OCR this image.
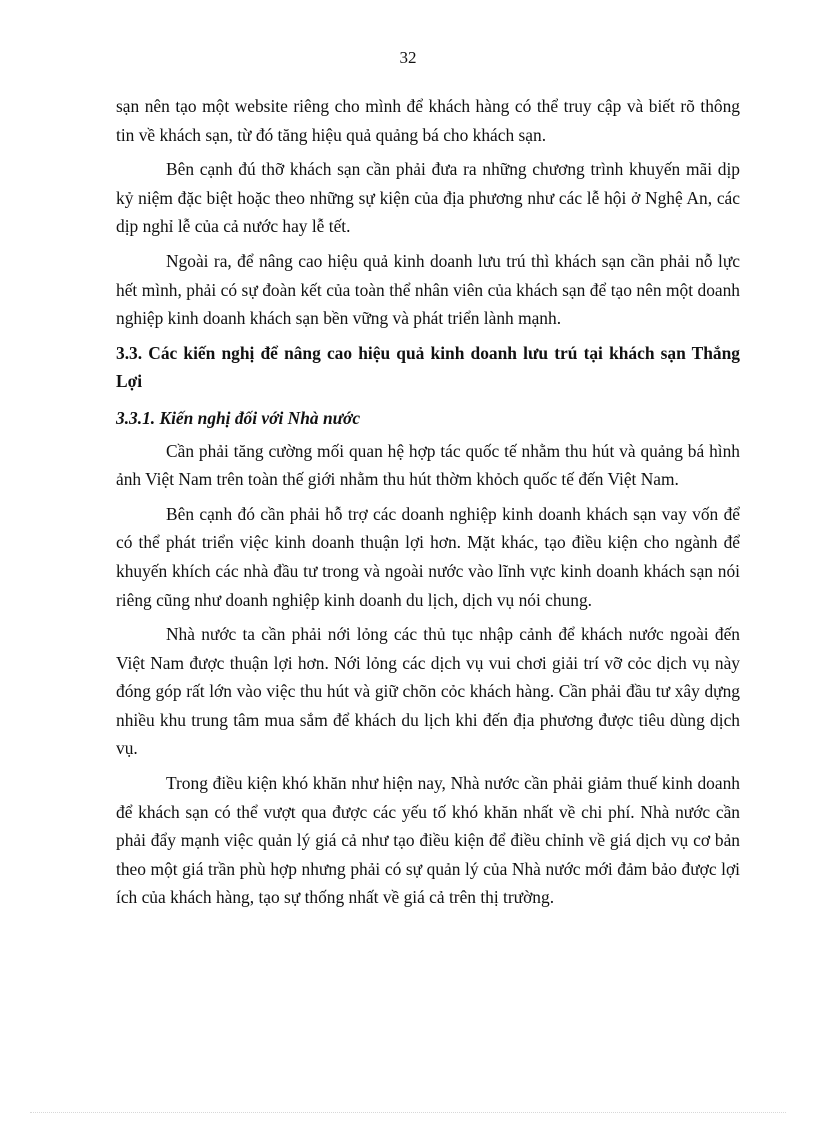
32

sạn nên tạo một website riêng cho mình để khách hàng có thể truy cập và biết rõ thông tin về khách sạn, từ đó tăng hiệu quả quảng bá cho khách sạn.

Bên cạnh đú thỡ khách sạn cần phải đưa ra những chương trình khuyến mãi dịp kỷ niệm đặc biệt hoặc theo những sự kiện của địa phương như các lễ hội ở Nghệ An, các dịp nghỉ lễ của cả nước hay lễ tết.

Ngoài ra, để nâng cao hiệu quả kinh doanh lưu trú thì khách sạn cần phải nỗ lực hết mình, phải có sự đoàn kết của toàn thể nhân viên của khách sạn để tạo nên một doanh nghiệp kinh doanh khách sạn bền vững và phát triển lành mạnh.

3.3. Các kiến nghị để nâng cao hiệu quả kinh doanh lưu trú tại khách sạn Thắng Lợi
3.3.1. Kiến nghị đối với Nhà nước

Cần phải tăng cường mối quan hệ hợp tác quốc tế nhằm thu hút và quảng bá hình ảnh Việt Nam trên toàn thế giới nhằm thu hút thờm khỏch quốc tế đến Việt Nam.

Bên cạnh đó cần phải hỗ trợ các doanh nghiệp kinh doanh khách sạn vay vốn để có thể phát triển việc kinh doanh thuận lợi hơn. Mặt khác, tạo điều kiện cho ngành để khuyến khích các nhà đầu tư trong và ngoài nước vào lĩnh vực kinh doanh khách sạn nói riêng cũng như doanh nghiệp kinh doanh du lịch, dịch vụ nói chung.

Nhà nước ta cần phải nới lỏng các thủ tục nhập cảnh để khách nước ngoài đến Việt Nam được thuận lợi hơn. Nới lỏng các dịch vụ vui chơi giải trí vỡ cỏc dịch vụ này đóng góp rất lớn vào việc thu hút và giữ chõn cỏc khách hàng. Cần phải đầu tư xây dựng nhiều khu trung tâm mua sắm để khách du lịch khi đến địa phương được tiêu dùng dịch vụ.

Trong điều kiện khó khăn như hiện nay, Nhà nước cần phải giảm thuế kinh doanh để khách sạn có thể vượt qua được các yếu tố khó khăn nhất về chi phí. Nhà nước cần phải đẩy mạnh việc quản lý giá cả như tạo điều kiện để điều chỉnh về giá dịch vụ cơ bản theo một giá trần phù hợp nhưng phải có sự quản lý của Nhà nước mới đảm bảo được lợi ích của khách hàng, tạo sự thống nhất về giá cả trên thị trường.
